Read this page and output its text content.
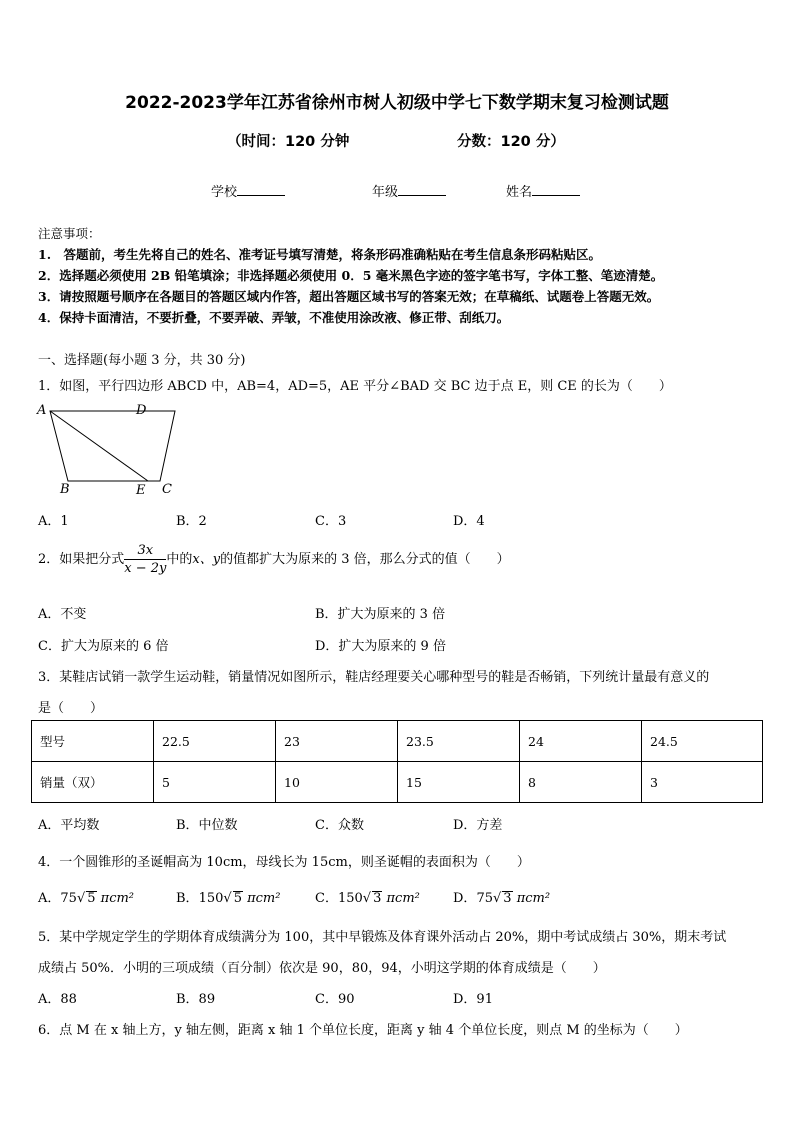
2022-2023学年江苏省徐州市树人初级中学七下数学期末复习检测试题
（时间：120 分钟	分数：120 分）
学校	年级	姓名
注意事项：
1.　答题前，考生先将自己的姓名、准考证号填写清楚，将条形码准确粘贴在考生信息条形码粘贴区。
2．选择题必须使用 2B 铅笔填涂；非选择题必须使用 0．5 毫米黑色字迹的签字笔书写，字体工整、笔迹清楚。
3．请按照题号顺序在各题目的答题区域内作答，超出答题区域书写的答案无效；在草稿纸、试题卷上答题无效。
4．保持卡面清洁，不要折叠，不要弄破、弄皱，不准使用涂改液、修正带、刮纸刀。
一、选择题(每小题 3 分，共 30 分)
1．如图，平行四边形 ABCD 中，AB=4，AD=5，AE 平分∠BAD 交 BC 边于点 E，则 CE 的长为（　　）
A	D
B	E C
A．1	B．2	C．3	D．4
2．如果把分式 $\frac{3x}{x - 2y}$ 中的x、y的值都扩大为原来的 3 倍，那么分式的值（　　）
A．不变	B．扩大为原来的 3 倍
C．扩大为原来的 6 倍	D．扩大为原来的 9 倍
3．某鞋店试销一款学生运动鞋，销量情况如图所示，鞋店经理要关心哪种型号的鞋是否畅销，下列统计量最有意义的
是（　　）
型号	22.5	23	23.5	24	24.5
销量（双）	5	10	15	8	3
A．平均数	B．中位数	C．众数	D．方差
4．一个圆锥形的圣诞帽高为 10cm，母线长为 15cm，则圣诞帽的表面积为（　　）
A．75√ 5 πcm²	B．150√ 5 πcm²	C．150√ 3 πcm²	D．75√ 3 πcm²
5．某中学规定学生的学期体育成绩满分为 100，其中早锻炼及体育课外活动占 20%，期中考试成绩占 30%，期末考试
成绩占 50%．小明的三项成绩（百分制）依次是 90，80，94，小明这学期的体育成绩是（　　）
A．88	B．89	C．90	D．91
6．点 M 在 x 轴上方，y 轴左侧，距离 x 轴 1 个单位长度，距离 y 轴 4 个单位长度，则点 M 的坐标为（　　）
